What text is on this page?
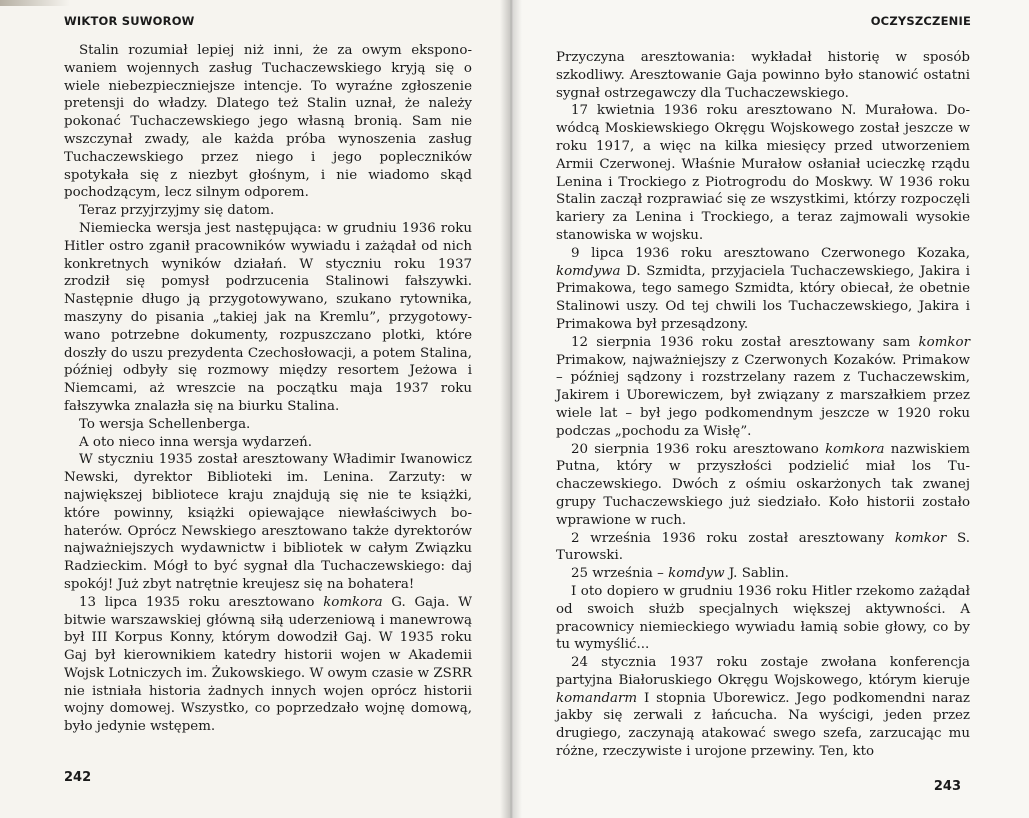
WIKTOR SUWOROW

Stalin rozumiał lepiej niż inni, że za owym eksponowaniem wojennych zasług Tuchaczewskiego kryją się o wiele niebezpieczniejsze intencje. To wyraźne zgłoszenie pretensji do władzy. Dlatego też Stalin uznał, że należy pokonać Tuchaczewskiego jego własną bronią. Sam nie wszczynał zwady, ale każda próba wynoszenia zasług Tuchaczewskiego przez niego i jego popleczników spotykała się z niezbyt głośnym, i nie wiadomo skąd pochodzącym, lecz silnym odporem.

Teraz przyjrzyjmy się datom.

Niemiecka wersja jest następująca: w grudniu 1936 roku Hitler ostro zganił pracowników wywiadu i zażądał od nich konkretnych wyników działań. W styczniu roku 1937 zrodził się pomysł podrzucenia Stalinowi fałszywki. Następnie długo ją przygotowywano, szukano rytownika, maszyny do pisania „takiej jak na Kremlu”, przygotowywano potrzebne dokumenty, rozpuszczano plotki, które doszły do uszu prezydenta Czechosłowacji, a potem Stalina, później odbyły się rozmowy między resortem Jeżowa i Niemcami, aż wreszcie na początku maja 1937 roku fałszywka znalazła się na biurku Stalina.

To wersja Schellenberga.

A oto nieco inna wersja wydarzeń.

W styczniu 1935 został aresztowany Władimir Iwanowicz Newski, dyrektor Biblioteki im. Lenina. Zarzuty: w największej bibliotece kraju znajdują się nie te książki, które powinny, książki opiewające niewłaściwych bohaterów. Oprócz Newskiego aresztowano także dyrektorów najważniejszych wydawnictw i bibliotek w całym Związku Radzieckim. Mógł to być sygnał dla Tuchaczewskiego: daj spokój! Już zbyt natrętnie kreujesz się na bohatera!

13 lipca 1935 roku aresztowano komkora G. Gaja. W bitwie warszawskiej główną siłą uderzeniową i manewrową był III Korpus Konny, którym dowodził Gaj. W 1935 roku Gaj był kierownikiem katedry historii wojen w Akademii Wojsk Lotniczych im. Żukowskiego. W owym czasie w ZSRR nie istniała historia żadnych innych wojen oprócz historii wojny domowej. Wszystko, co poprzedzało wojnę domową, było jedynie wstępem.

242
OCZYSZCZENIE

Przyczyna aresztowania: wykładał historię w sposób szkodliwy. Aresztowanie Gaja powinno było stanowić ostatni sygnał ostrzegawczy dla Tuchaczewskiego.

17 kwietnia 1936 roku aresztowano N. Murałowa. Dowódcą Moskiewskiego Okręgu Wojskowego został jeszcze w roku 1917, a więc na kilka miesięcy przed utworzeniem Armii Czerwonej. Właśnie Murałow osłaniał ucieczkę rządu Lenina i Trockiego z Piotrogrodu do Moskwy. W 1936 roku Stalin zaczął rozprawiać się ze wszystkimi, którzy rozpoczęli kariery za Lenina i Trockiego, a teraz zajmowali wysokie stanowiska w wojsku.

9 lipca 1936 roku aresztowano Czerwonego Kozaka, komdywa D. Szmidta, przyjaciela Tuchaczewskiego, Jakira i Primakowa, tego samego Szmidta, który obiecał, że obetnie Stalinowi uszy. Od tej chwili los Tuchaczewskiego, Jakira i Primakowa był przesądzony.

12 sierpnia 1936 roku został aresztowany sam komkor Primakow, najważniejszy z Czerwonych Kozaków. Primakow – później sądzony i rozstrzelany razem z Tuchaczewskim, Jakirem i Uborewiczem, był związany z marszałkiem przez wiele lat – był jego podkomendnym jeszcze w 1920 roku podczas „pochodu za Wisłę”.

20 sierpnia 1936 roku aresztowano komkora nazwiskiem Putna, który w przyszłości podzielić miał los Tuchaczewskiego. Dwóch z ośmiu oskarżonych tak zwanej grupy Tuchaczewskiego już siedziało. Koło historii zostało wprawione w ruch.

2 września 1936 roku został aresztowany komkor S. Turowski.

25 września – komdyw J. Sablin.

I oto dopiero w grudniu 1936 roku Hitler rzekomo zażądał od swoich służb specjalnych większej aktywności. A pracownicy niemieckiego wywiadu łamią sobie głowy, co by tu wymyślić...

24 stycznia 1937 roku zostaje zwołana konferencja partyjna Białoruskiego Okręgu Wojskowego, którym kieruje komandarm I stopnia Uborewicz. Jego podkomendni naraz jakby się zerwali z łańcucha. Na wyścigi, jeden przez drugiego, zaczynają atakować swego szefa, zarzucając mu różne, rzeczywiste i urojone przewiny. Ten, kto

243
